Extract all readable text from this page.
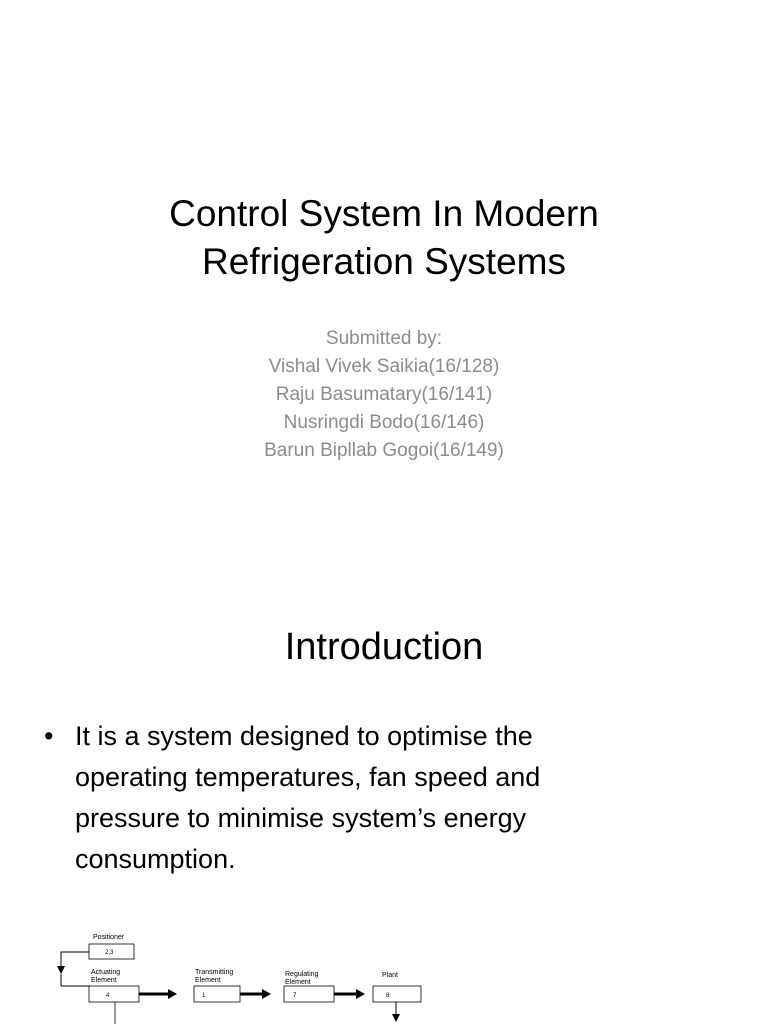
Control System In Modern
Refrigeration Systems
Submitted by:
Vishal Vivek Saikia(16/128)
Raju Basumatary(16/141)
Nusringdi Bodo(16/146)
Barun Bipllab Gogoi(16/149)
Introduction
• It is a system designed to optimise the
operating temperatures, fan speed and
pressure to minimise system’s energy
consumption.
Positioner
2,3
Actuating
Element
4
Transmitting
Element
1
Regulating
Element
7
Plant
8
